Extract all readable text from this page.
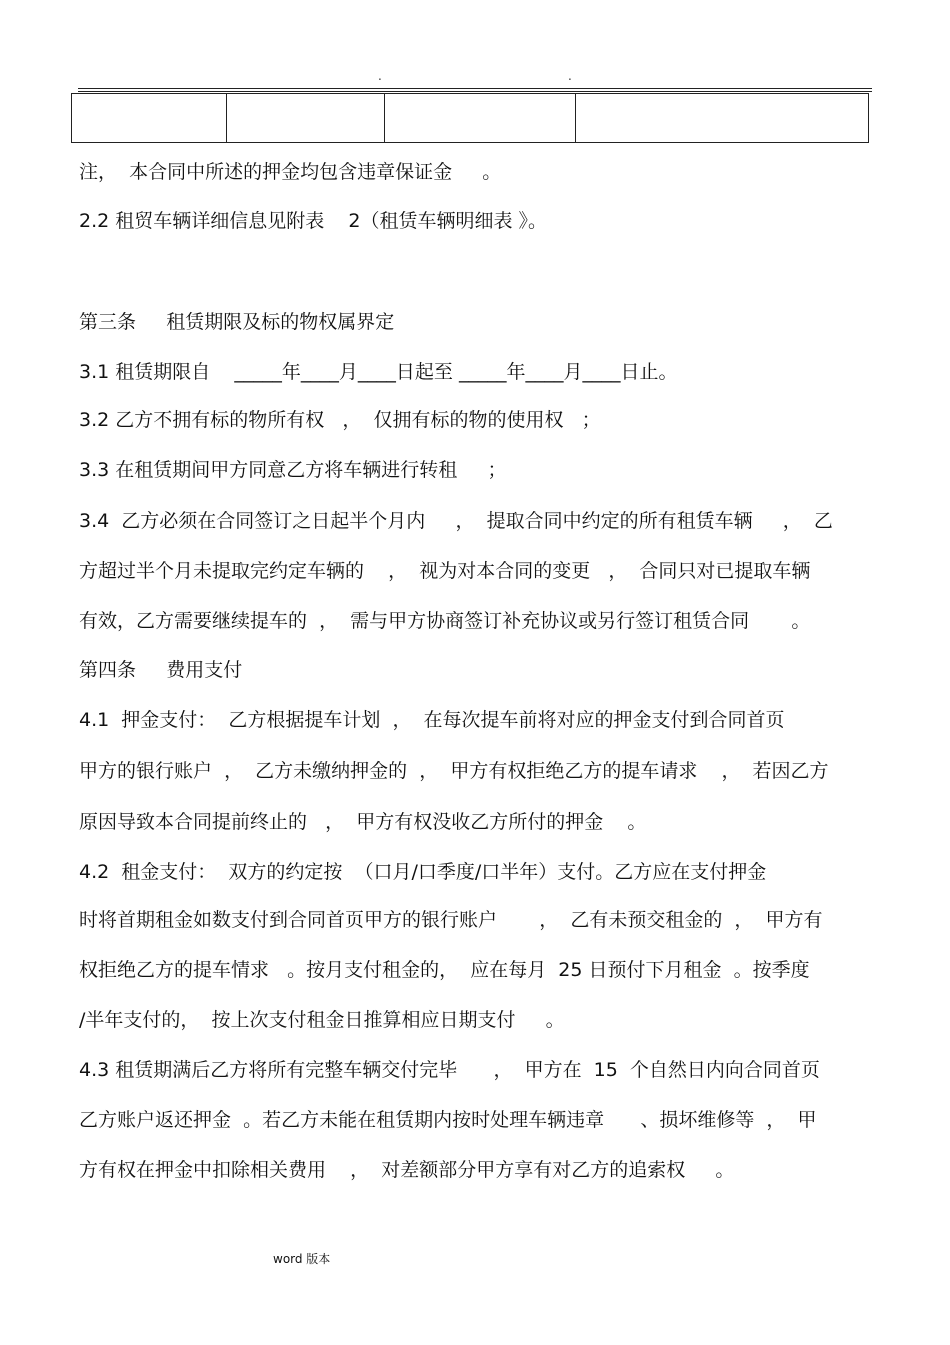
.	.
注，  本合同中所述的押金均包含违章保证金     。
2.2 租贸车辆详细信息见附表    2（租赁车辆明细表 》。
第三条     租赁期限及标的物权属界定
3.1 租赁期限自    _____年____月____日起至 _____年____月____日止。
3.2 乙方不拥有标的物所有权   ，  仅拥有标的物的使用权   ；
3.3 在租赁期间甲方同意乙方将车辆进行转租     ；
3.4  乙方必须在合同签订之日起半个月内     ，  提取合同中约定的所有租赁车辆     ，  乙
方超过半个月未提取完约定车辆的    ，  视为对本合同的变更   ，  合同只对已提取车辆
有效，乙方需要继续提车的  ，  需与甲方协商签订补充协议或另行签订租赁合同       。
第四条     费用支付
4.1  押金支付：  乙方根据提车计划  ，  在每次提车前将对应的押金支付到合同首页
甲方的银行账户  ，  乙方未缴纳押金的  ，  甲方有权拒绝乙方的提车请求    ，  若因乙方
原因导致本合同提前终止的   ，  甲方有权没收乙方所付的押金    。
4.2  租金支付：  双方的约定按  （口月/口季度/口半年）支付。乙方应在支付押金
时将首期租金如数支付到合同首页甲方的银行账户       ，  乙有未预交租金的  ，  甲方有
权拒绝乙方的提车情求   。按月支付租金的，  应在每月  25 日预付下月租金  。按季度
/半年支付的，  按上次支付租金日推算相应日期支付     。
4.3 租赁期满后乙方将所有完整车辆交付完毕      ，  甲方在  15  个自然日内向合同首页
乙方账户返还押金  。若乙方未能在租赁期内按时处理车辆违章      、损坏维修等  ，  甲
方有权在押金中扣除相关费用    ，  对差额部分甲方享有对乙方的追索权     。
word 版本
